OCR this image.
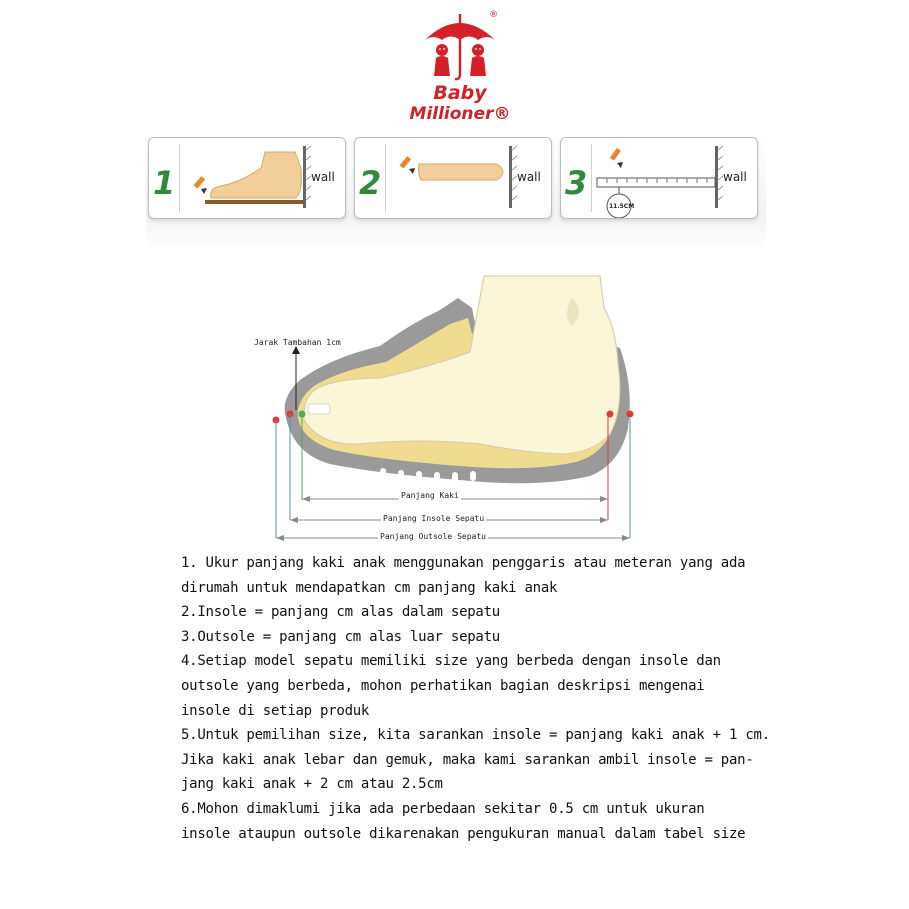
®
Baby
Millioner®
1	wall 2	wall 3
11.5CM
wall
Jarak Tambahan 1cm
Panjang Kaki
Panjang Insole Sepatu
Panjang Outsole Sepatu
1. Ukur panjang kaki anak menggunakan penggaris atau meteran yang ada
dirumah untuk mendapatkan cm panjang kaki anak
2.Insole = panjang cm alas dalam sepatu
3.Outsole = panjang cm alas luar sepatu
4.Setiap model sepatu memiliki size yang berbeda dengan insole dan
outsole yang berbeda, mohon perhatikan bagian deskripsi mengenai
insole di setiap produk
5.Untuk pemilihan size, kita sarankan insole = panjang kaki anak + 1 cm.
Jika kaki anak lebar dan gemuk, maka kami sarankan ambil insole = pan-
jang kaki anak + 2 cm atau 2.5cm
6.Mohon dimaklumi jika ada perbedaan sekitar 0.5 cm untuk ukuran
insole ataupun outsole dikarenakan pengukuran manual dalam tabel size
